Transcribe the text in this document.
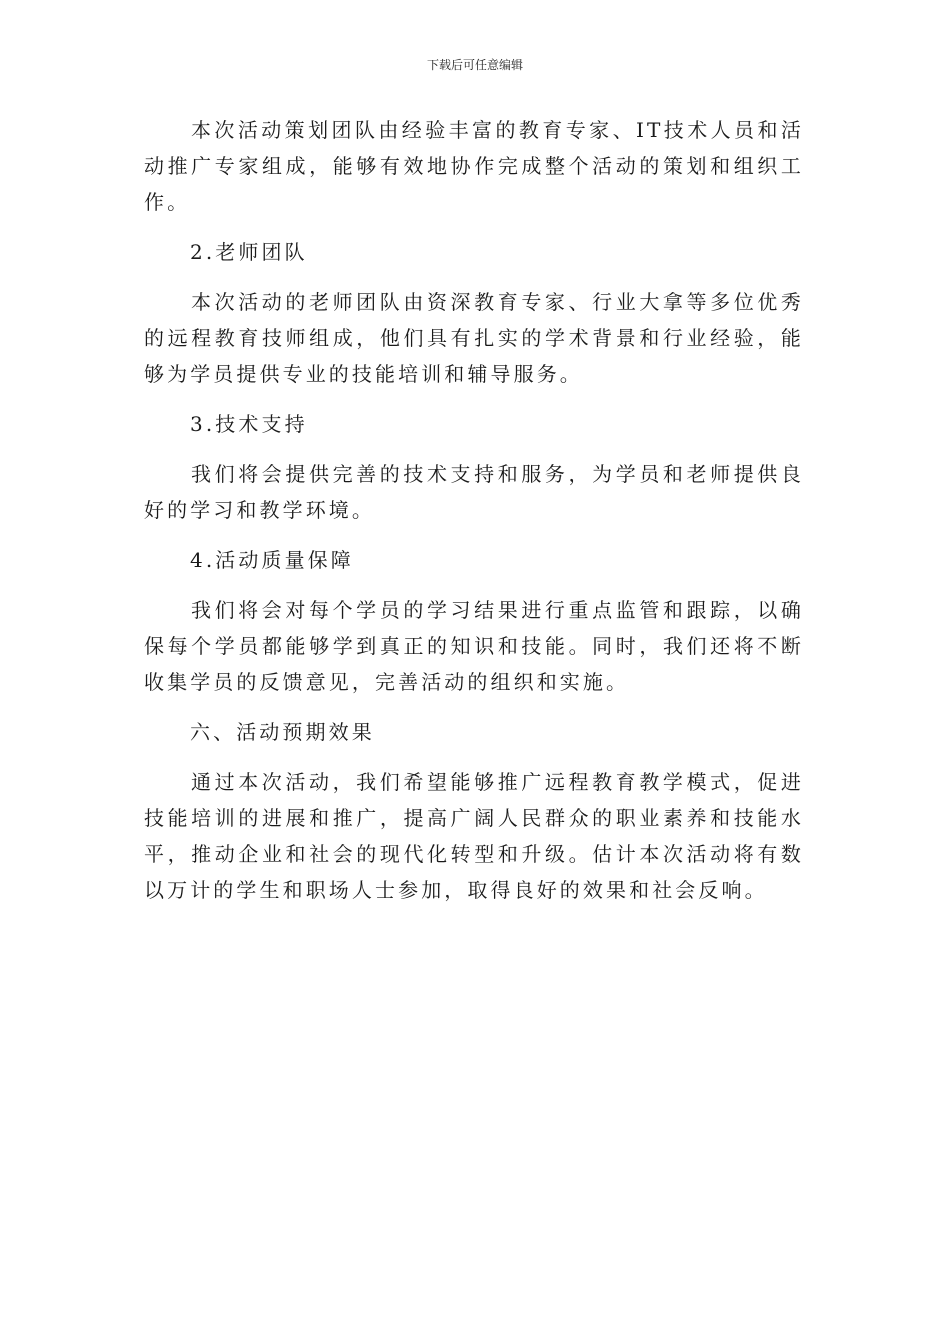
下载后可任意编辑

本次活动策划团队由经验丰富的教育专家、IT技术人员和活动推广专家组成，能够有效地协作完成整个活动的策划和组织工作。

2.老师团队

本次活动的老师团队由资深教育专家、行业大拿等多位优秀的远程教育技师组成，他们具有扎实的学术背景和行业经验，能够为学员提供专业的技能培训和辅导服务。

3.技术支持

我们将会提供完善的技术支持和服务，为学员和老师提供良好的学习和教学环境。

4.活动质量保障

我们将会对每个学员的学习结果进行重点监管和跟踪，以确保每个学员都能够学到真正的知识和技能。同时，我们还将不断收集学员的反馈意见，完善活动的组织和实施。

六、活动预期效果

通过本次活动，我们希望能够推广远程教育教学模式，促进技能培训的进展和推广，提高广阔人民群众的职业素养和技能水平，推动企业和社会的现代化转型和升级。估计本次活动将有数以万计的学生和职场人士参加，取得良好的效果和社会反响。
